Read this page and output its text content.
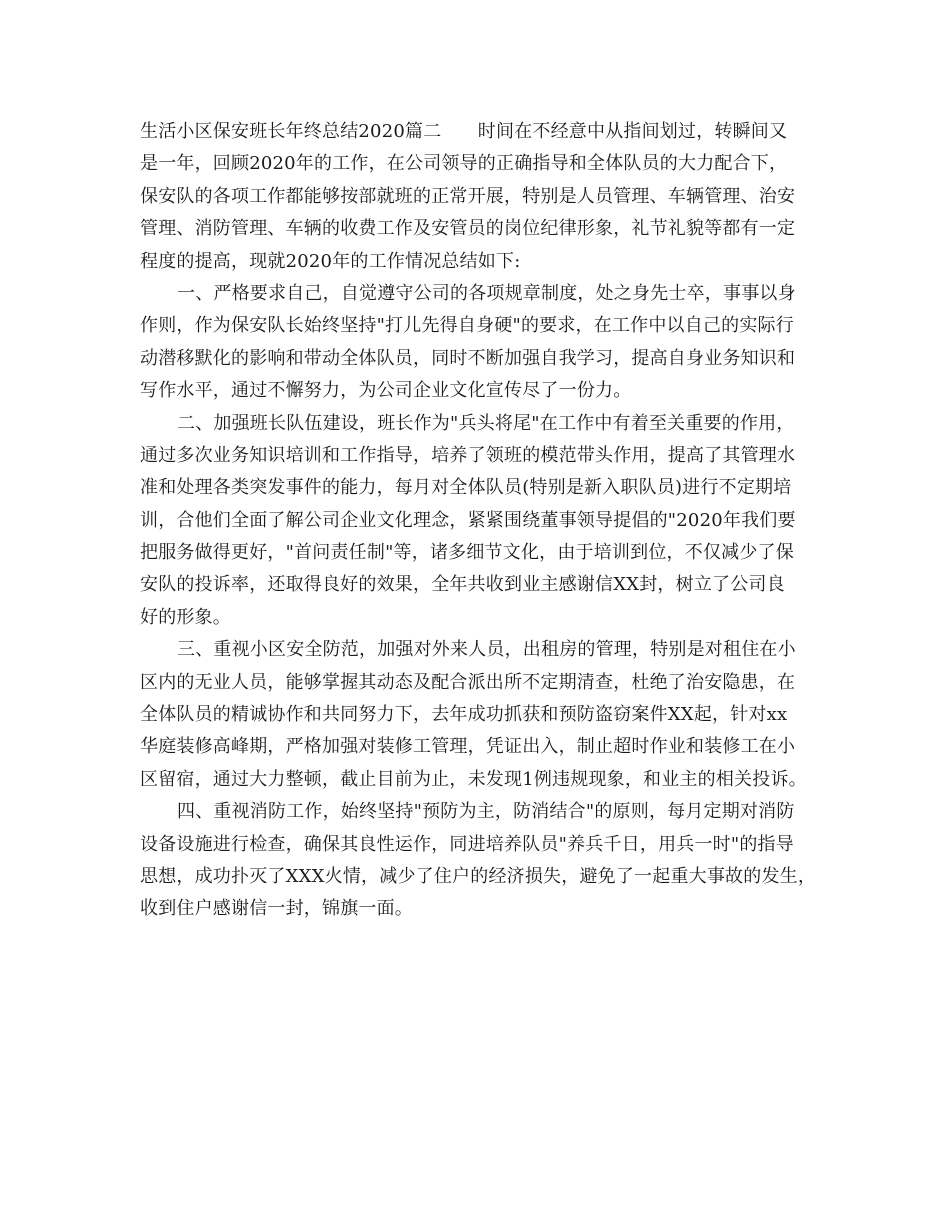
生活小区保安班长年终总结2020篇二　　时间在不经意中从指间划过，转瞬间又
是一年，回顾2020年的工作，在公司领导的正确指导和全体队员的大力配合下，
保安队的各项工作都能够按部就班的正常开展，特别是人员管理、车辆管理、治安
管理、消防管理、车辆的收费工作及安管员的岗位纪律形象，礼节礼貌等都有一定
程度的提高，现就2020年的工作情况总结如下:
一、严格要求自己，自觉遵守公司的各项规章制度，处之身先士卒，事事以身
作则，作为保安队长始终坚持"打儿先得自身硬"的要求，在工作中以自己的实际行
动潜移默化的影响和带动全体队员，同时不断加强自我学习，提高自身业务知识和
写作水平，通过不懈努力，为公司企业文化宣传尽了一份力。
二、加强班长队伍建设，班长作为"兵头将尾"在工作中有着至关重要的作用，
通过多次业务知识培训和工作指导，培养了领班的模范带头作用，提高了其管理水
准和处理各类突发事件的能力，每月对全体队员(特别是新入职队员)进行不定期培
训，合他们全面了解公司企业文化理念，紧紧围绕董事领导提倡的"2020年我们要
把服务做得更好，"首问责任制"等，诸多细节文化，由于培训到位，不仅减少了保
安队的投诉率，还取得良好的效果，全年共收到业主感谢信XX封，树立了公司良
好的形象。
三、重视小区安全防范，加强对外来人员，出租房的管理，特别是对租住在小
区内的无业人员，能够掌握其动态及配合派出所不定期清查，杜绝了治安隐患，在
全体队员的精诚协作和共同努力下，去年成功抓获和预防盗窃案件XX起，针对xx
华庭装修高峰期，严格加强对装修工管理，凭证出入，制止超时作业和装修工在小
区留宿，通过大力整顿，截止目前为止，未发现1例违规现象，和业主的相关投诉。
四、重视消防工作，始终坚持"预防为主，防消结合"的原则，每月定期对消防
设备设施进行检查，确保其良性运作，同进培养队员"养兵千日，用兵一时"的指导
思想，成功扑灭了XXX火情，减少了住户的经济损失，避免了一起重大事故的发生，
收到住户感谢信一封，锦旗一面。
